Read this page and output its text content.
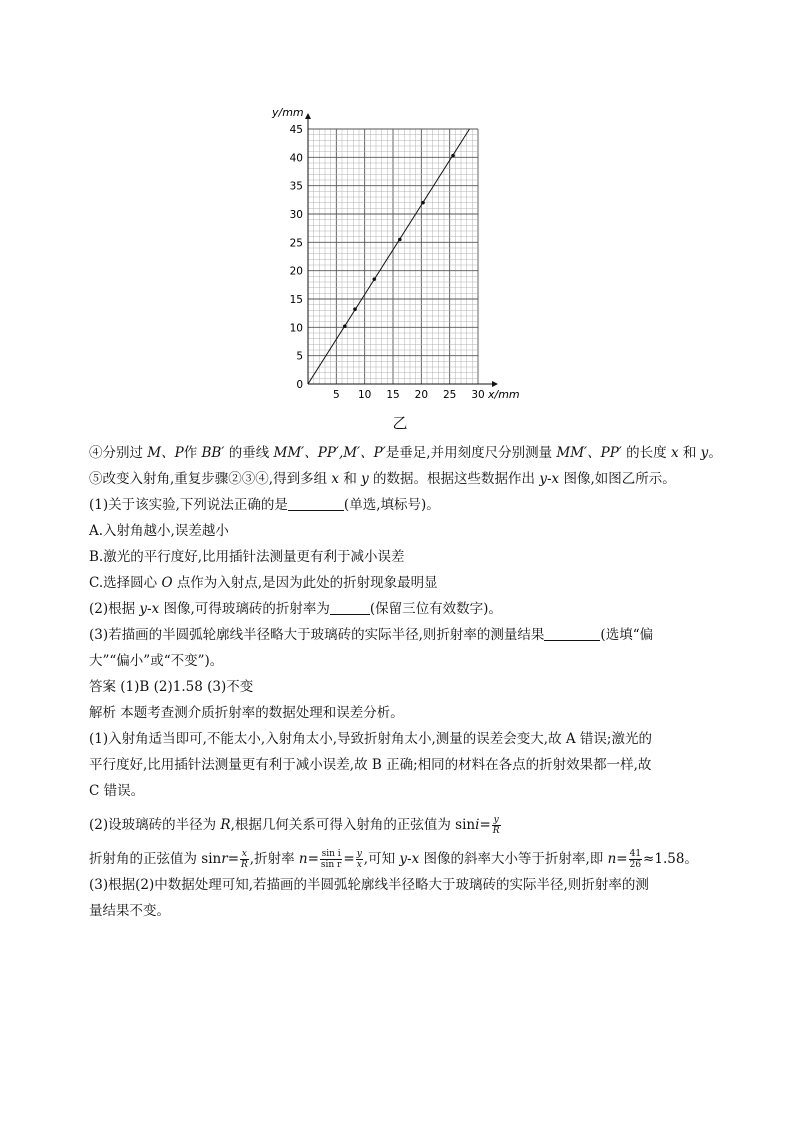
5 10 15 20 25 30
0
5
10
15
20
25
30
35
40
45
y/mm
x/mm
乙

④分别过 M、P作 BB′ 的垂线 MM′、PP′,M′、P′是垂足,并用刻度尺分别测量 MM′、PP′ 的长度 x 和 y。

⑤改变入射角,重复步骤②③④,得到多组 x 和 y 的数据。根据这些数据作出 y-x 图像,如图乙所示。

(1)关于该实验,下列说法正确的是	(单选,填标号)。

A.入射角越小,误差越小

B.激光的平行度好,比用插针法测量更有利于减小误差

C.选择圆心 O 点作为入射点,是因为此处的折射现象最明显

(2)根据 y-x 图像,可得玻璃砖的折射率为	(保留三位有效数字)。

(3)若描画的半圆弧轮廓线半径略大于玻璃砖的实际半径,则折射率的测量结果	(选填“偏

大”“偏小”或“不变”)。

答案 (1)B (2)1.58 (3)不变

解析 本题考查测介质折射率的数据处理和误差分析。

(1)入射角适当即可,不能太小,入射角太小,导致折射角太小,测量的误差会变大,故 A 错误;激光的

平行度好,比用插针法测量更有利于减小误差,故 B 正确;相同的材料在各点的折射效果都一样,故

C 错误。

(2)设玻璃砖的半径为 R,根据几何关系可得入射角的正弦值为 $\sin i= \frac{y}{R}$

折射角的正弦值为 $\sin r= \frac{x}{R}$ ,折射率 $n= \frac{\text{sin i}}{\text{sin r}} = \frac{y}{x}$ ,可知 y-x 图像的斜率大小等于折射率,即 $n= \frac{41}{26} \approx 1.58$。

(3)根据(2)中数据处理可知,若描画的半圆弧轮廓线半径略大于玻璃砖的实际半径,则折射率的测

量结果不变。
